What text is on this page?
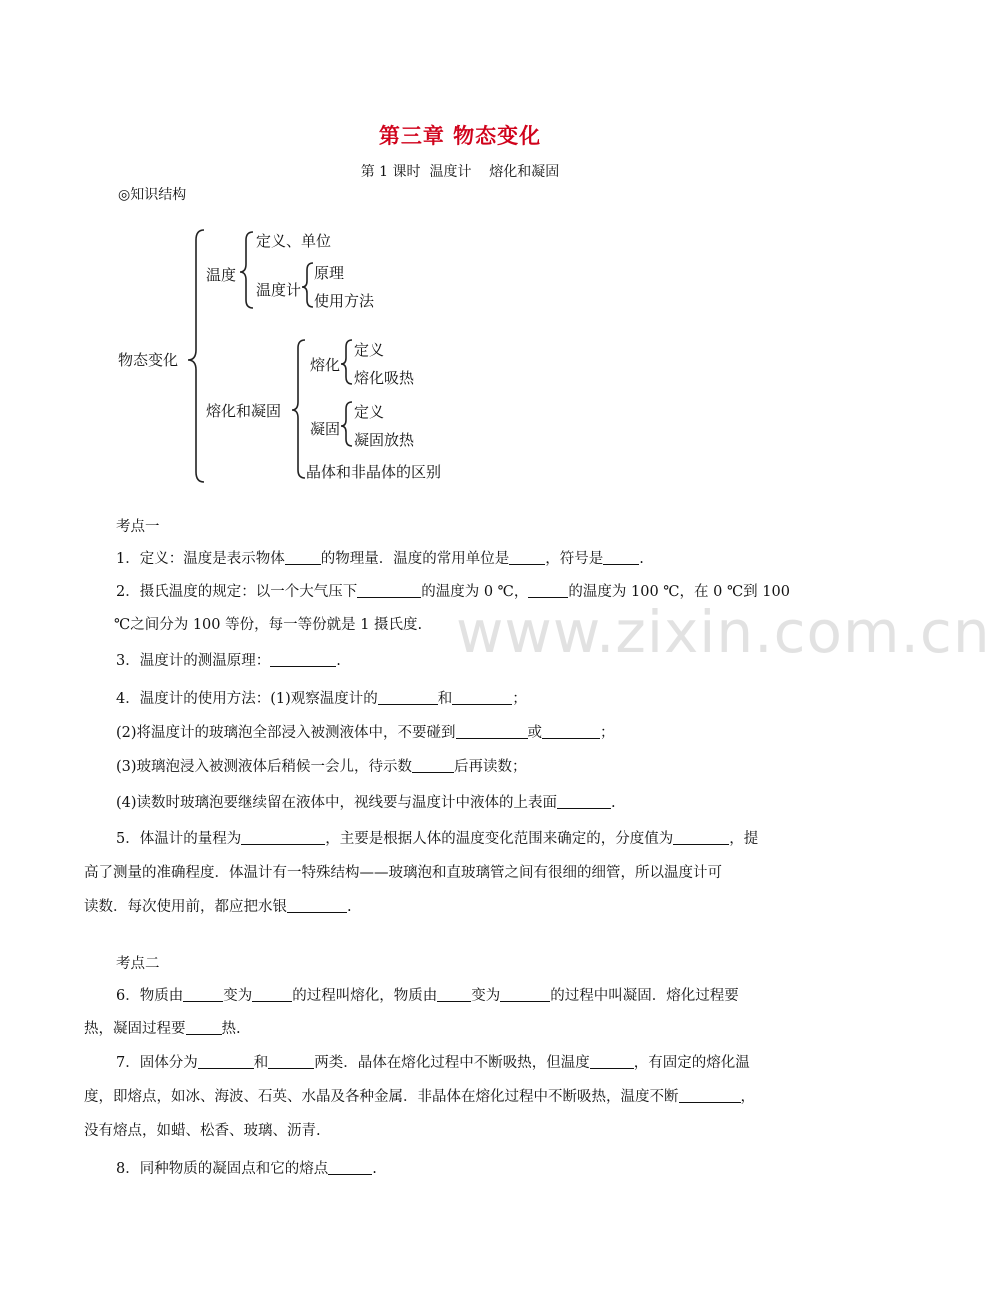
第三章 物态变化
第 1 课时  温度计    熔化和凝固
◎知识结构
物态变化
温度
定义、单位
温度计
原理
使用方法
熔化和凝固
熔化
定义
熔化吸热
凝固
定义
凝固放热
晶体和非晶体的区别
www.zixin.com.cn
考点一
1．定义：温度是表示物体 的物理量．温度的常用单位是 ，符号是 .
2．摄氏温度的规定：以一个大气压下	的温度为 0 ℃，	的温度为 100 ℃，在 0 ℃到 100
℃之间分为 100 等份，每一等份就是 1 摄氏度.
3．温度计的测温原理：	.
4．温度计的使用方法：(1)观察温度计的	和	；
(2)将温度计的玻璃泡全部浸入被测液体中，不要碰到	或	；
(3)玻璃泡浸入被测液体后稍候一会儿，待示数	后再读数；
(4)读数时玻璃泡要继续留在液体中，视线要与温度计中液体的上表面	.
5．体温计的量程为	，主要是根据人体的温度变化范围来确定的，分度值为	，提
高了测量的准确程度．体温计有一特殊结构——玻璃泡和直玻璃管之间有很细的细管，所以温度计可
读数．每次使用前，都应把水银	.
考点二
6．物质由	变为	的过程叫熔化，物质由 变为	的过程中叫凝固．熔化过程要
热，凝固过程要 热.
7．固体分为	和	两类．晶体在熔化过程中不断吸热，但温度	，有固定的熔化温
度，即熔点，如冰、海波、石英、水晶及各种金属．非晶体在熔化过程中不断吸热，温度不断	，
没有熔点，如蜡、松香、玻璃、沥青.
8．同种物质的凝固点和它的熔点	.
